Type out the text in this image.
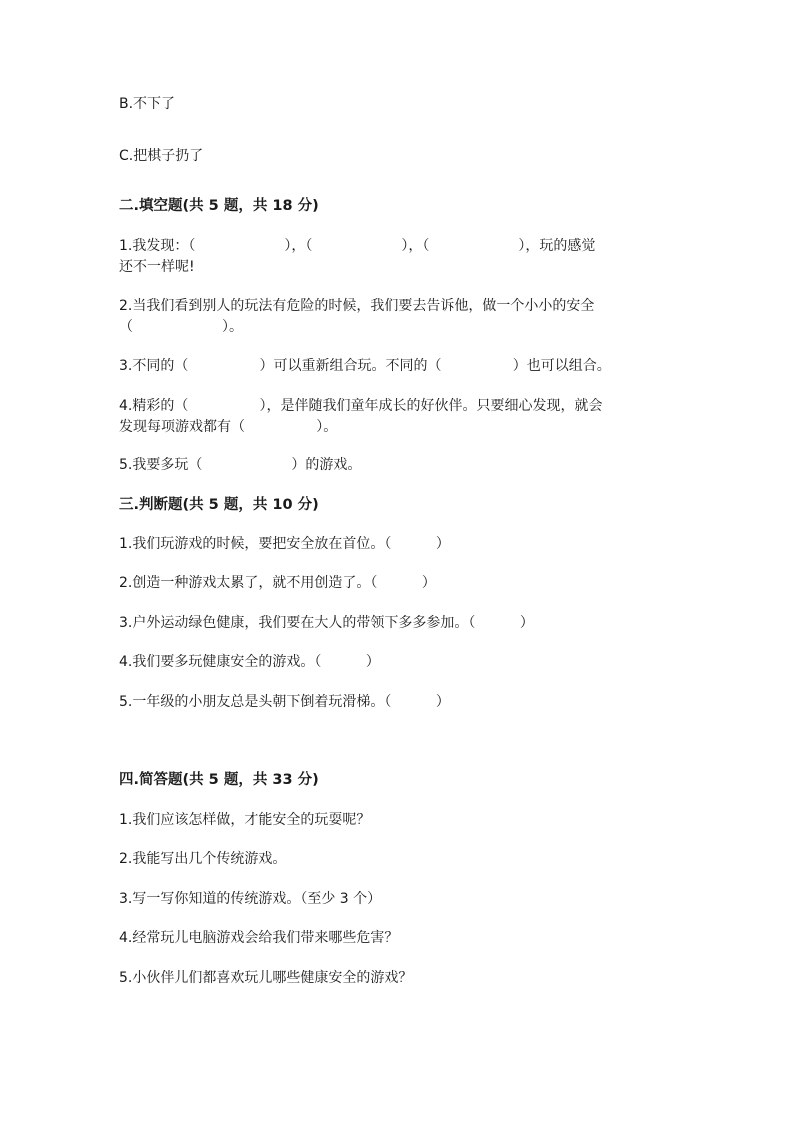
B.不下了
C.把棋子扔了
二.填空题(共 5 题，共 18 分)
1.我发现：（                    ），（                    ），（                    ），玩的感觉
还不一样呢!
2.当我们看到别人的玩法有危险的时候，我们要去告诉他，做一个小小的安全
（                    ）。
3.不同的（                ）可以重新组合玩。不同的（                ）也可以组合。
4.精彩的（                ），是伴随我们童年成长的好伙伴。只要细心发现，就会
发现每项游戏都有（                ）。
5.我要多玩（                    ）的游戏。
三.判断题(共 5 题，共 10 分)
1.我们玩游戏的时候，要把安全放在首位。（          ）
2.创造一种游戏太累了，就不用创造了。（          ）
3.户外运动绿色健康，我们要在大人的带领下多多参加。（          ）
4.我们要多玩健康安全的游戏。（          ）
5.一年级的小朋友总是头朝下倒着玩滑梯。（          ）
四.简答题(共 5 题，共 33 分)
1.我们应该怎样做，才能安全的玩耍呢？
2.我能写出几个传统游戏。
3.写一写你知道的传统游戏。（至少 3 个）
4.经常玩儿电脑游戏会给我们带来哪些危害？
5.小伙伴儿们都喜欢玩儿哪些健康安全的游戏？
